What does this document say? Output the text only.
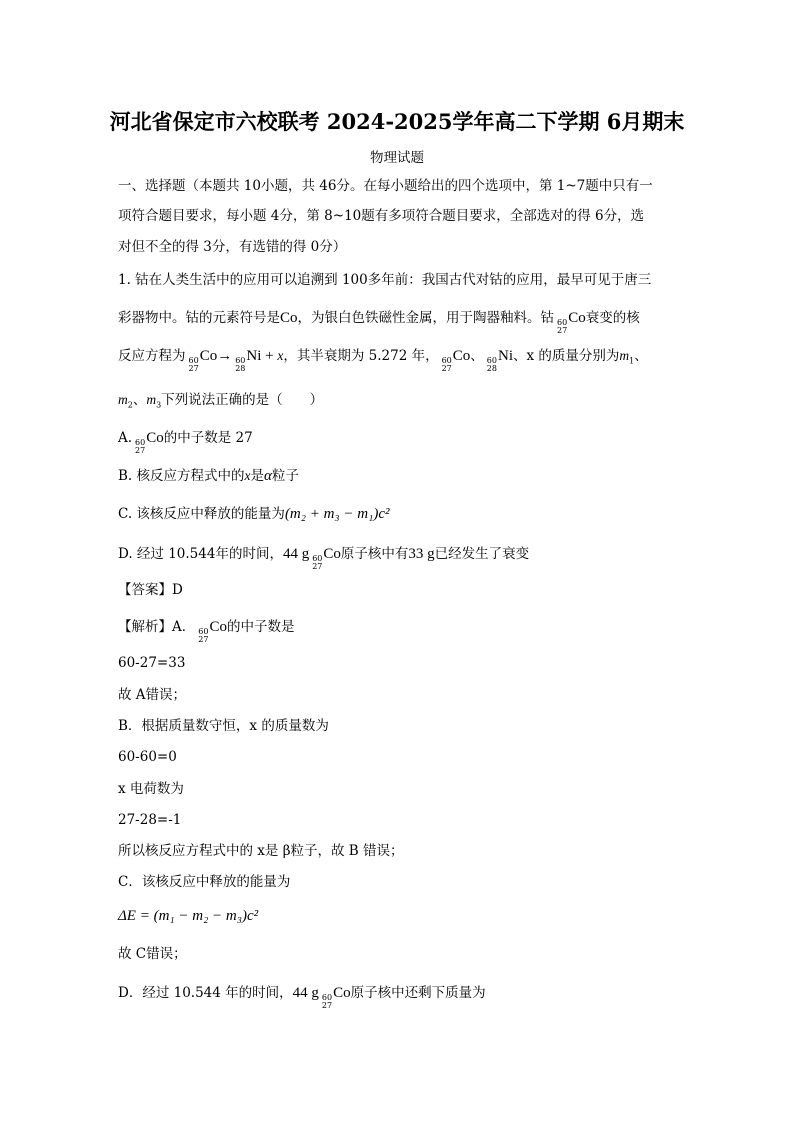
河北省保定市六校联考 2024-2025学年高二下学期 6月期末
物理试题
一、选择题（本题共 10小题，共 46分。在每小题给出的四个选项中，第 1~7题中只有一
项符合题目要求，每小题 4分，第 8~10题有多项符合题目要求，全部选对的得 6分，选
对但不全的得 3分，有选错的得 0分）
1. 钴在人类生活中的应用可以追溯到 100多年前：我国古代对钴的应用，最早可见于唐三
彩器物中。钴的元素符号是Co，为银白色铁磁性金属，用于陶器釉料。钴 60
27
Co衰变的核
反应方程为 60
27
Co→ 60
28
Ni + x，其半衰期为 5.272 年， 60
27
Co、 60
28
Ni、x 的质量分别为$m_1$、
$m_2$、$m_3$下列说法正确的是（　　）
A. 60
27
Co的中子数是 27
B. 核反应方程式中的x是α粒子
C. 该核反应中释放的能量为(m₂ + m₃ − m₁)c²
D. 经过 10.544年的时间，44 g 60
27
Co原子核中有33 g已经发生了衰变
【答案】D
【解析】A． 60
27
Co的中子数是
60-27=33
故 A错误；
B．根据质量数守恒，x 的质量数为
60-60=0
x 电荷数为
27-28=-1
所以核反应方程式中的 x是 β粒子，故 B 错误；
C．该核反应中释放的能量为
ΔE = (m₁ − m₂ − m₃)c²
故 C错误；
D．经过 10.544 年的时间，44 g 60
27
Co原子核中还剩下质量为
